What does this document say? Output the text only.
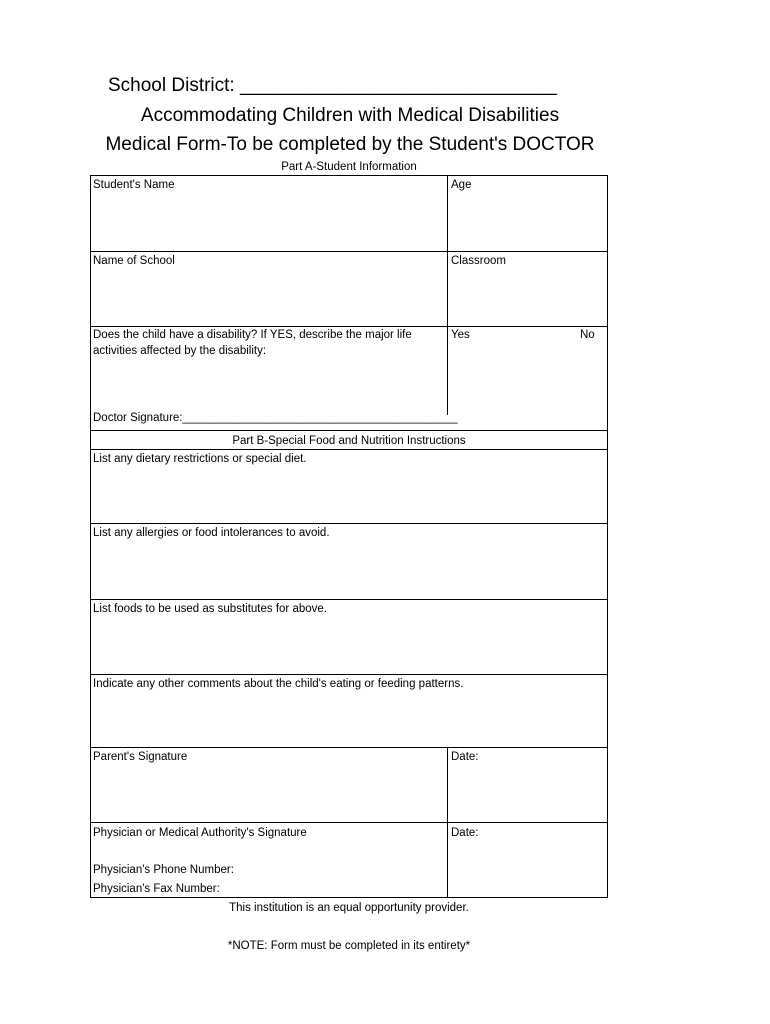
School District: ______________________________
Accommodating Children with Medical Disabilities
Medical Form-To be completed by the Student's DOCTOR
Part A-Student Information
Student's Name	Age
Name of School	Classroom
Does the child have a disability? If YES, describe the major life activities affected by the disability:
Yes	No
Doctor Signature:___________________________________________
Part B-Special Food and Nutrition Instructions
List any dietary restrictions or special diet.
List any allergies or food intolerances to avoid.
List foods to be used as substitutes for above.
Indicate any other comments about the child's eating or feeding patterns.
Parent's Signature	Date:
Physician or Medical Authority's Signature	Date:
Physician's Phone Number:
Physician's Fax Number:
This institution is an equal opportunity provider.
*NOTE: Form must be completed in its entirety*
